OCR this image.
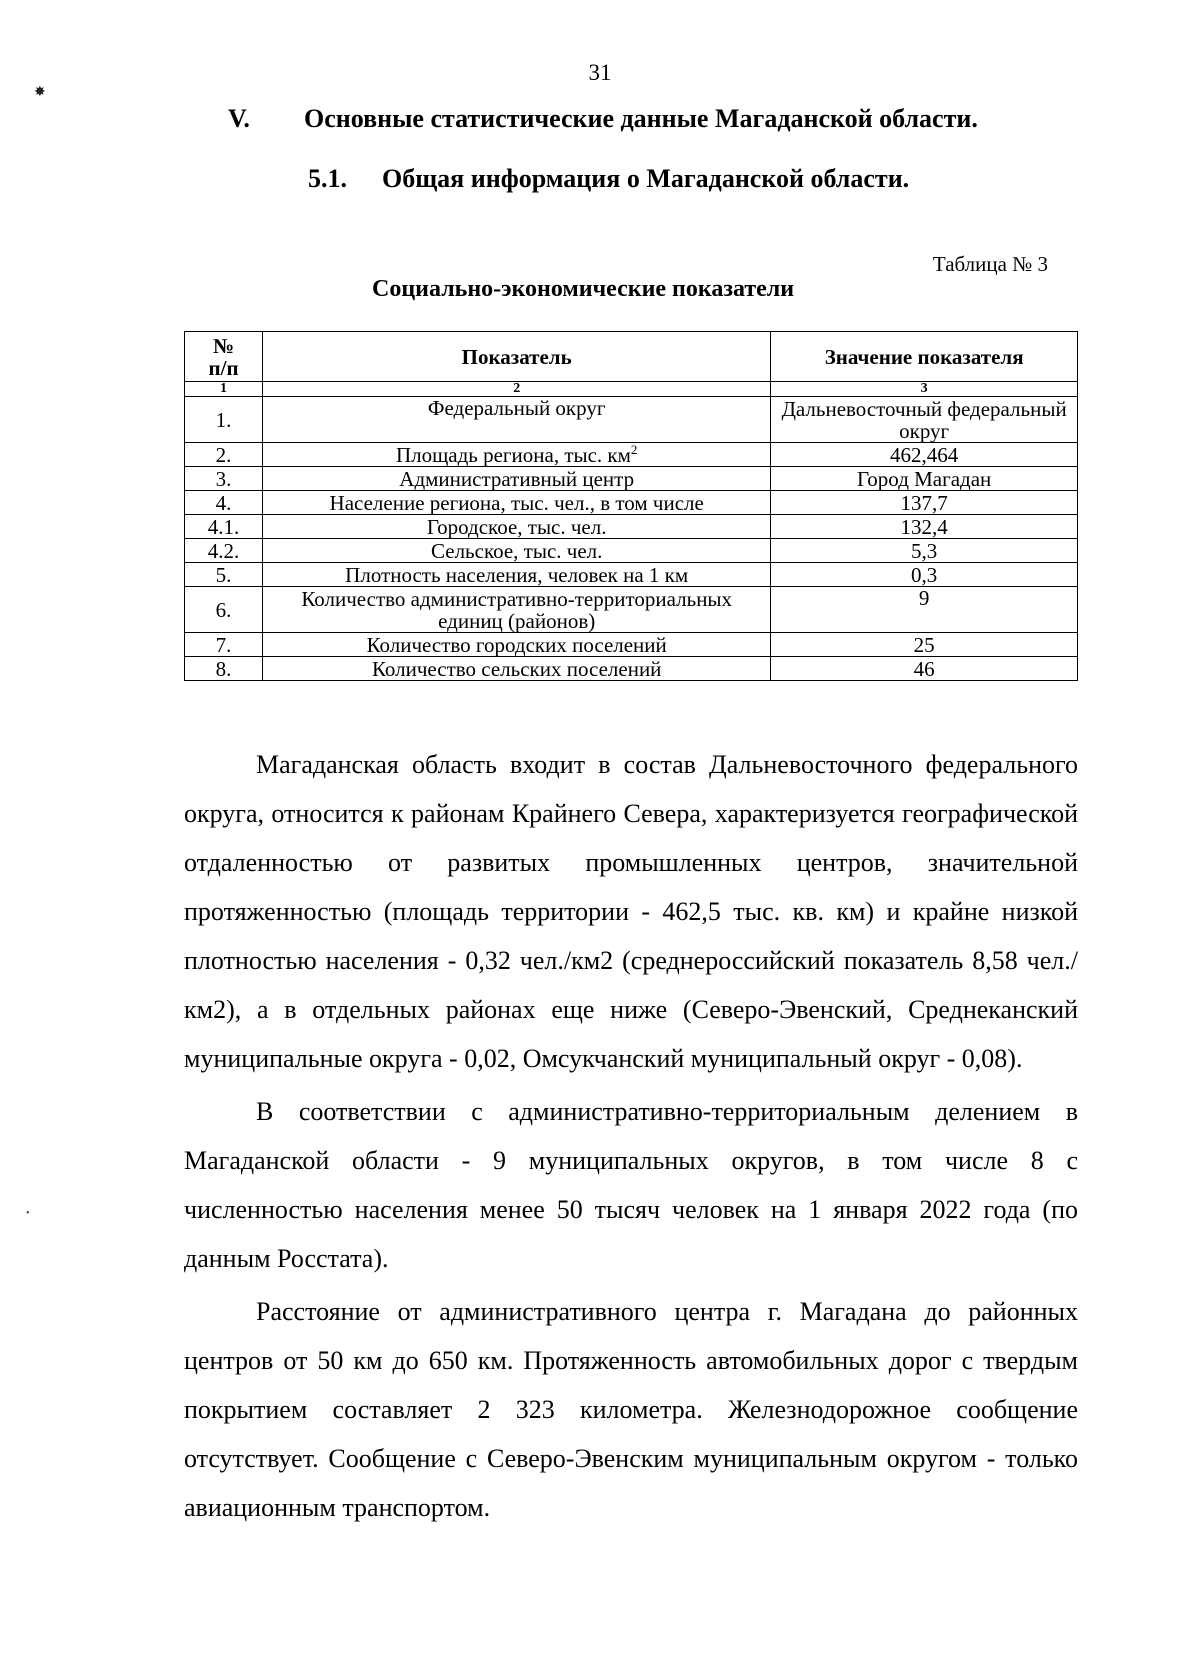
✸
•
31
V. Основные статистические данные Магаданской области.
5.1. Общая информация о Магаданской области.
Таблица № 3
Социально-экономические показатели
№
п/п	Показатель	Значение показателя
1	2	3
1.	Федеральный округ	Дальневосточный федеральный округ
2.	Площадь региона, тыс. $км^2$	462,464
3.	Административный центр	Город Магадан
4.	Население региона, тыс. чел., в том числе	137,7
4.1.	Городское, тыс. чел.	132,4
4.2.	Сельское, тыс. чел.	5,3
5.	Плотность населения, человек на 1 км	0,3
6.	Количество административно-территориальных единиц (районов)	9
7.	Количество городских поселений	25
8.	Количество сельских поселений	46

Магаданская область входит в состав Дальневосточного федерального округа, относится к районам Крайнего Севера, характеризуется географической отдаленностью от развитых промышленных центров, значительной протяженностью (площадь территории - 462,5 тыс. кв. км) и крайне низкой плотностью населения - 0,32 чел./км2 (среднероссийский показатель 8,58 чел./км2), а в отдельных районах еще ниже (Северо-Эвенский, Среднеканский муниципальные округа - 0,02, Омсукчанский муниципальный округ - 0,08).

В соответствии с административно-территориальным делением в Магаданской области - 9 муниципальных округов, в том числе 8 с численностью населения менее 50 тысяч человек на 1 января 2022 года (по данным Росстата).

Расстояние от административного центра г. Магадана до районных центров от 50 км до 650 км. Протяженность автомобильных дорог с твердым покрытием составляет 2 323 километра. Железнодорожное сообщение отсутствует. Сообщение с Северо-Эвенским муниципальным округом - только авиационным транспортом.
